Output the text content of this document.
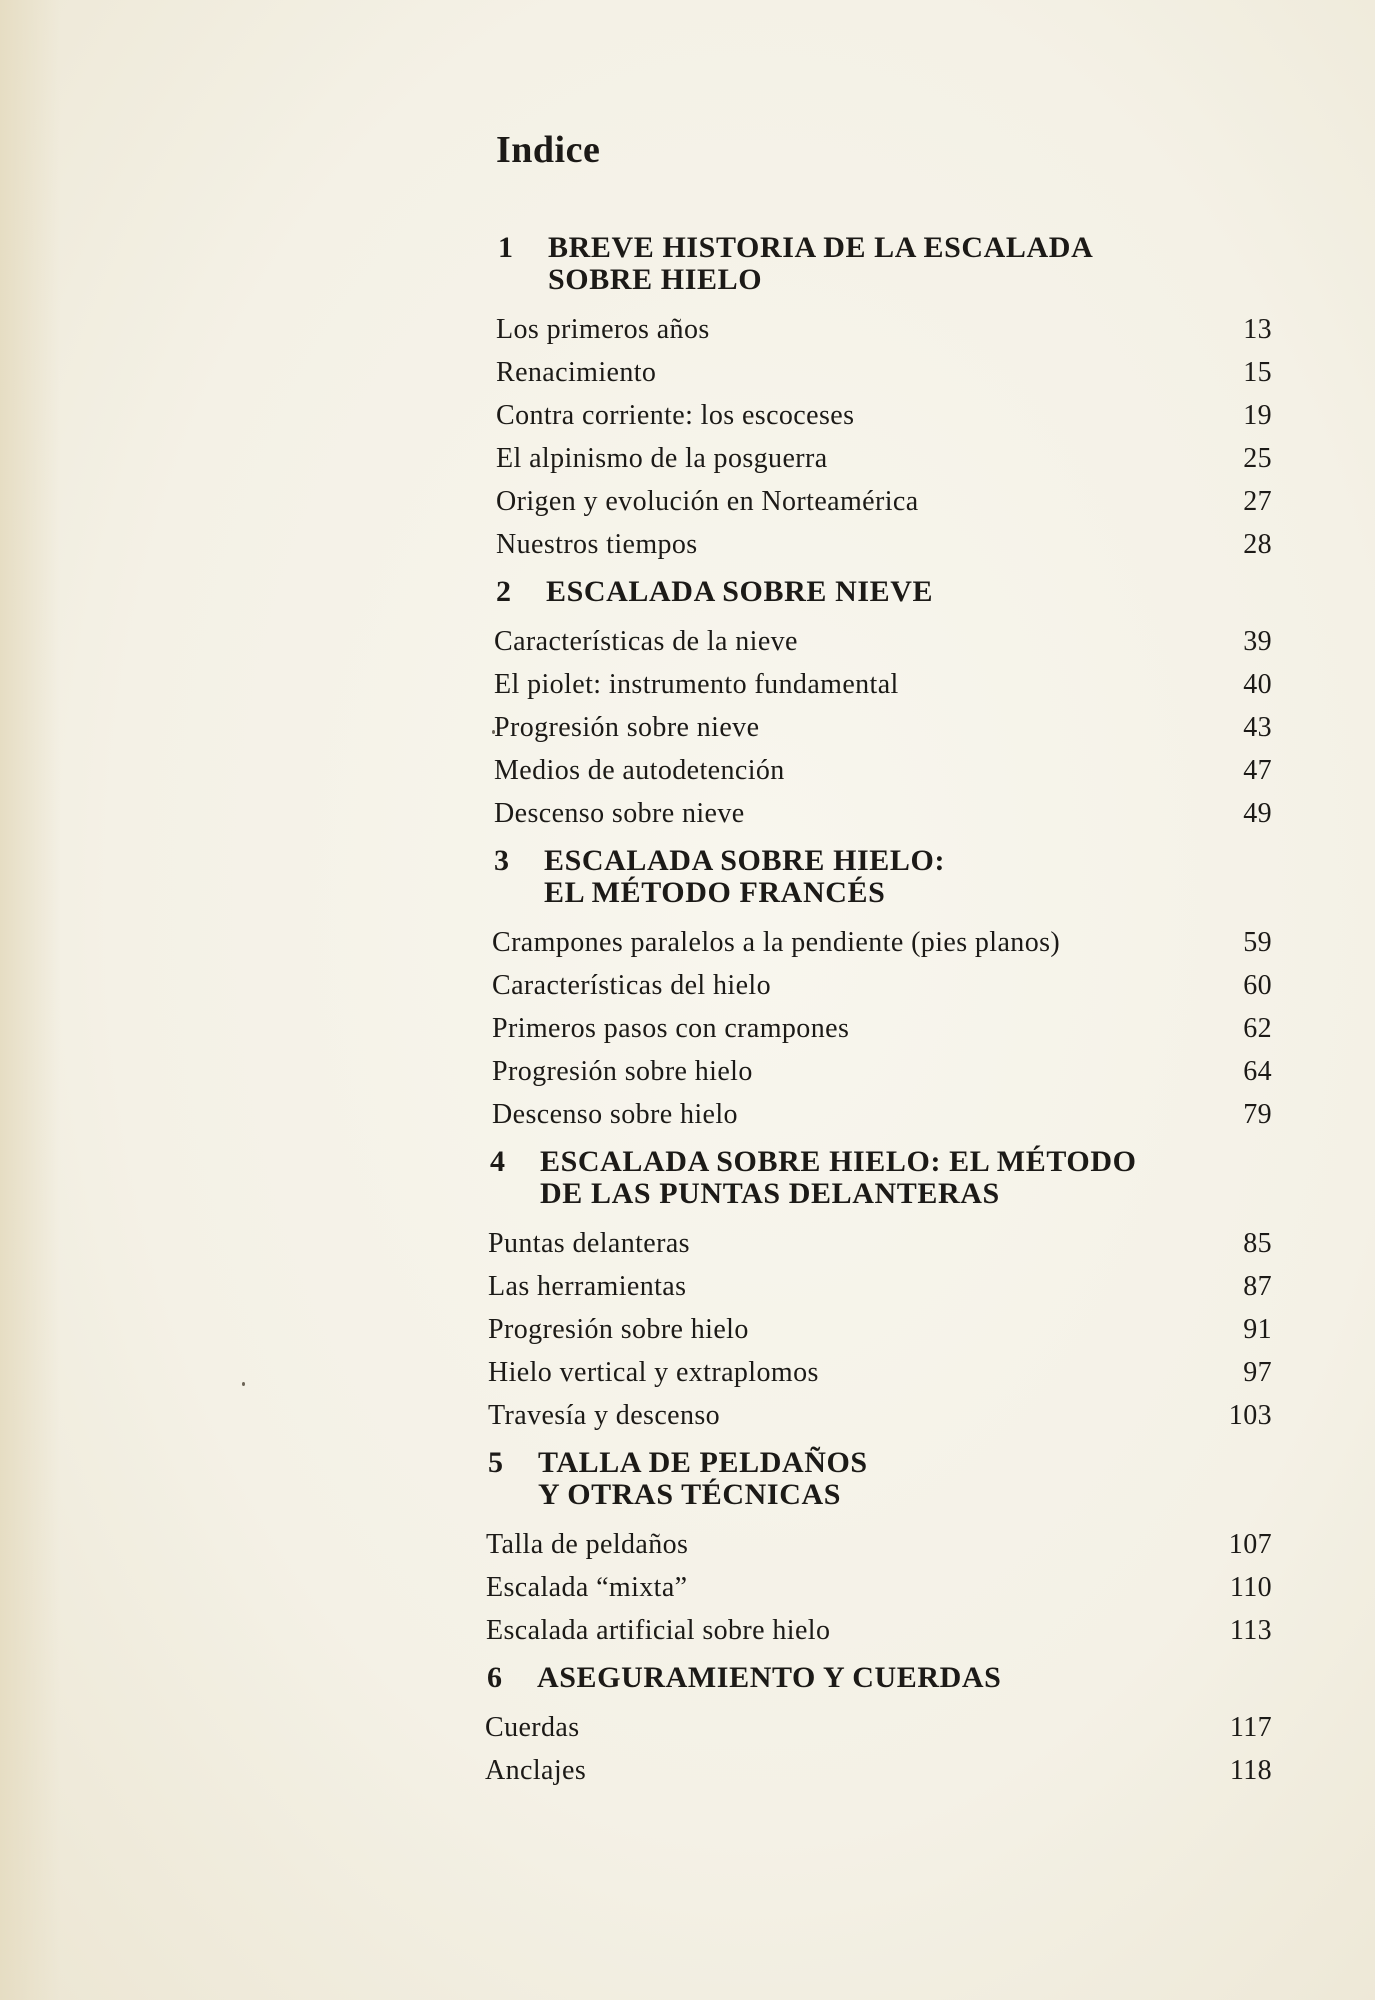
Indice
1	BREVE HISTORIA DE LA ESCALADA
SOBRE HIELO
Los primeros años	13
Renacimiento	15
Contra corriente: los escoceses	19
El alpinismo de la posguerra	25
Origen y evolución en Norteamérica	27
Nuestros tiempos	28
2	ESCALADA SOBRE NIEVE
Características de la nieve	39
El piolet: instrumento fundamental	40
Progresión sobre nieve	43
Medios de autodetención	47
Descenso sobre nieve	49
3	ESCALADA SOBRE HIELO:
EL MÉTODO FRANCÉS
Crampones paralelos a la pendiente (pies planos)	59
Características del hielo	60
Primeros pasos con crampones	62
Progresión sobre hielo	64
Descenso sobre hielo	79
4	ESCALADA SOBRE HIELO: EL MÉTODO
DE LAS PUNTAS DELANTERAS
Puntas delanteras	85
Las herramientas	87
Progresión sobre hielo	91
Hielo vertical y extraplomos	97
Travesía y descenso	103
5	TALLA DE PELDAÑOS
Y OTRAS TÉCNICAS
Talla de peldaños	107
Escalada “mixta”	110
Escalada artificial sobre hielo	113
6	ASEGURAMIENTO Y CUERDAS
Cuerdas	117
Anclajes	118
